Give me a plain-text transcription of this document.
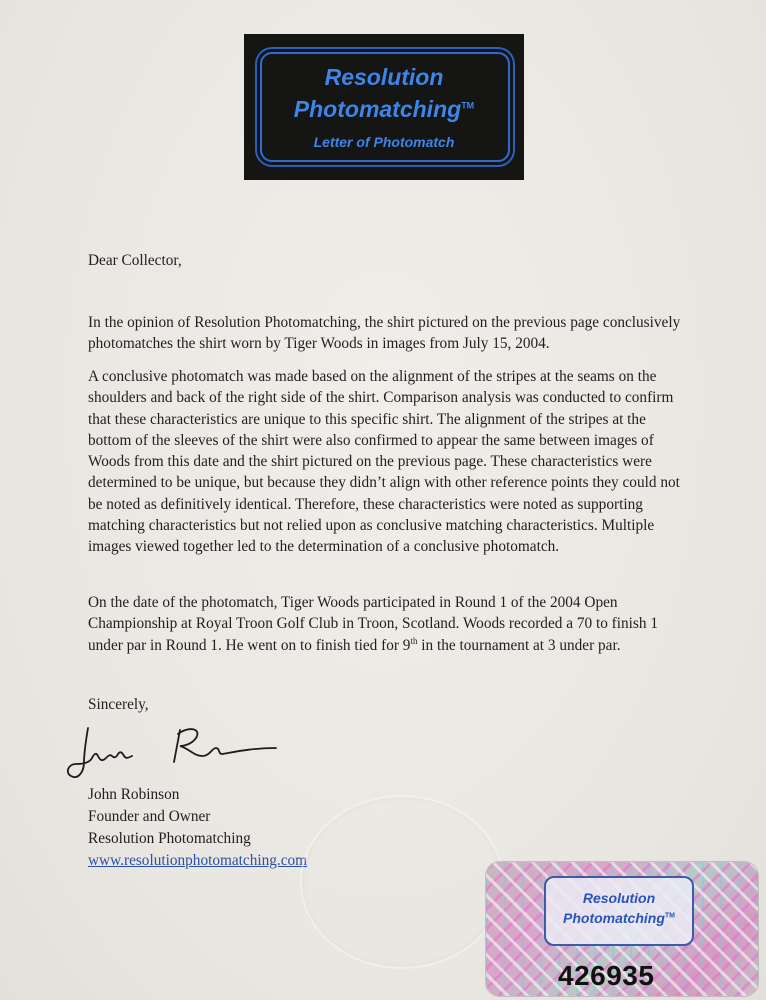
Resolution
Photomatching™
Letter of Photomatch
Dear Collector,

In the opinion of Resolution Photomatching, the shirt pictured on the previous page conclusively photomatches the shirt worn by Tiger Woods in images from July 15, 2004.

A conclusive photomatch was made based on the alignment of the stripes at the seams on the shoulders and back of the right side of the shirt. Comparison analysis was conducted to confirm that these characteristics are unique to this specific shirt. The alignment of the stripes at the bottom of the sleeves of the shirt were also confirmed to appear the same between images of Woods from this date and the shirt pictured on the previous page. These characteristics were determined to be unique, but because they didn’t align with other reference points they could not be noted as definitively identical. Therefore, these characteristics were noted as supporting matching characteristics but not relied upon as conclusive matching characteristics. Multiple images viewed together led to the determination of a conclusive photomatch.

On the date of the photomatch, Tiger Woods participated in Round 1 of the 2004 Open Championship at Royal Troon Golf Club in Troon, Scotland. Woods recorded a 70 to finish 1 under par in Round 1. He went on to finish tied for 9th in the tournament at 3 under par.

Sincerely,
John Robinson
Founder and Owner
Resolution Photomatching
www.resolutionphotomatching.com
Resolution
Photomatching™
426935
